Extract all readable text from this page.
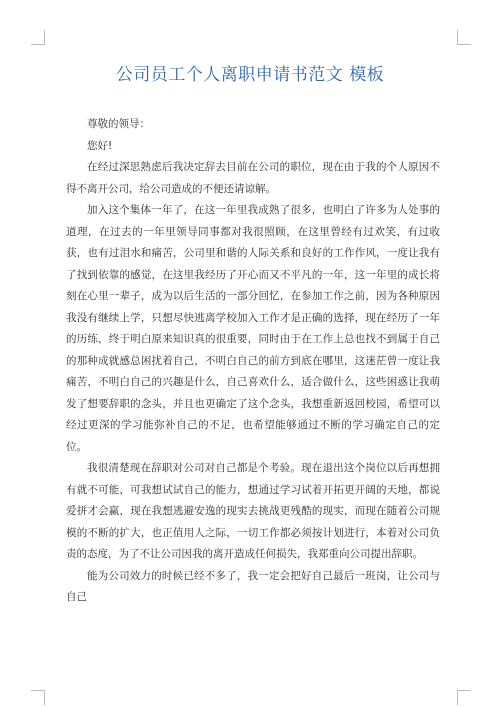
公司员工个人离职申请书范文 模板

尊敬的领导：

您好!

在经过深思熟虑后我决定辞去目前在公司的职位，现在由于我的个人原因不得不离开公司，给公司造成的不便还请谅解。

加入这个集体一年了，在这一年里我成熟了很多，也明白了许多为人处事的道理，在过去的一年里领导同事都对我很照顾，在这里曾经有过欢笑，有过收获，也有过泪水和痛苦，公司里和谐的人际关系和良好的工作作风，一度让我有了找到依靠的感觉，在这里我经历了开心而又不平凡的一年，这一年里的成长将刻在心里一辈子，成为以后生活的一部分回忆，在参加工作之前，因为各种原因我没有继续上学，只想尽快逃离学校加入工作才是正确的选择，现在经历了一年的历练，终于明白原来知识真的很重要，同时由于在工作上总也找不到属于自己的那种成就感总困扰着自己，不明白自己的前方到底在哪里，这迷茫曾一度让我痛苦，不明白自己的兴趣是什么，自己喜欢什么，适合做什么，这些困惑让我萌发了想要辞职的念头，并且也更确定了这个念头，我想重新返回校园，希望可以经过更深的学习能弥补自己的不足，也希望能够通过不断的学习确定自己的定位。

我很清楚现在辞职对公司对自己都是个考验。现在退出这个岗位以后再想拥有就不可能，可我想试试自己的能力，想通过学习试着开拓更开阔的天地，都说爱拼才会赢，现在我想逃避安逸的现实去挑战更残酷的现实，而现在随着公司规模的不断的扩大，也正值用人之际，一切工作都必须按计划进行，本着对公司负责的态度，为了不让公司因我的离开造成任何损失，我郑重向公司提出辞职。

能为公司效力的时候已经不多了，我一定会把好自己最后一班岗，让公司与自己
